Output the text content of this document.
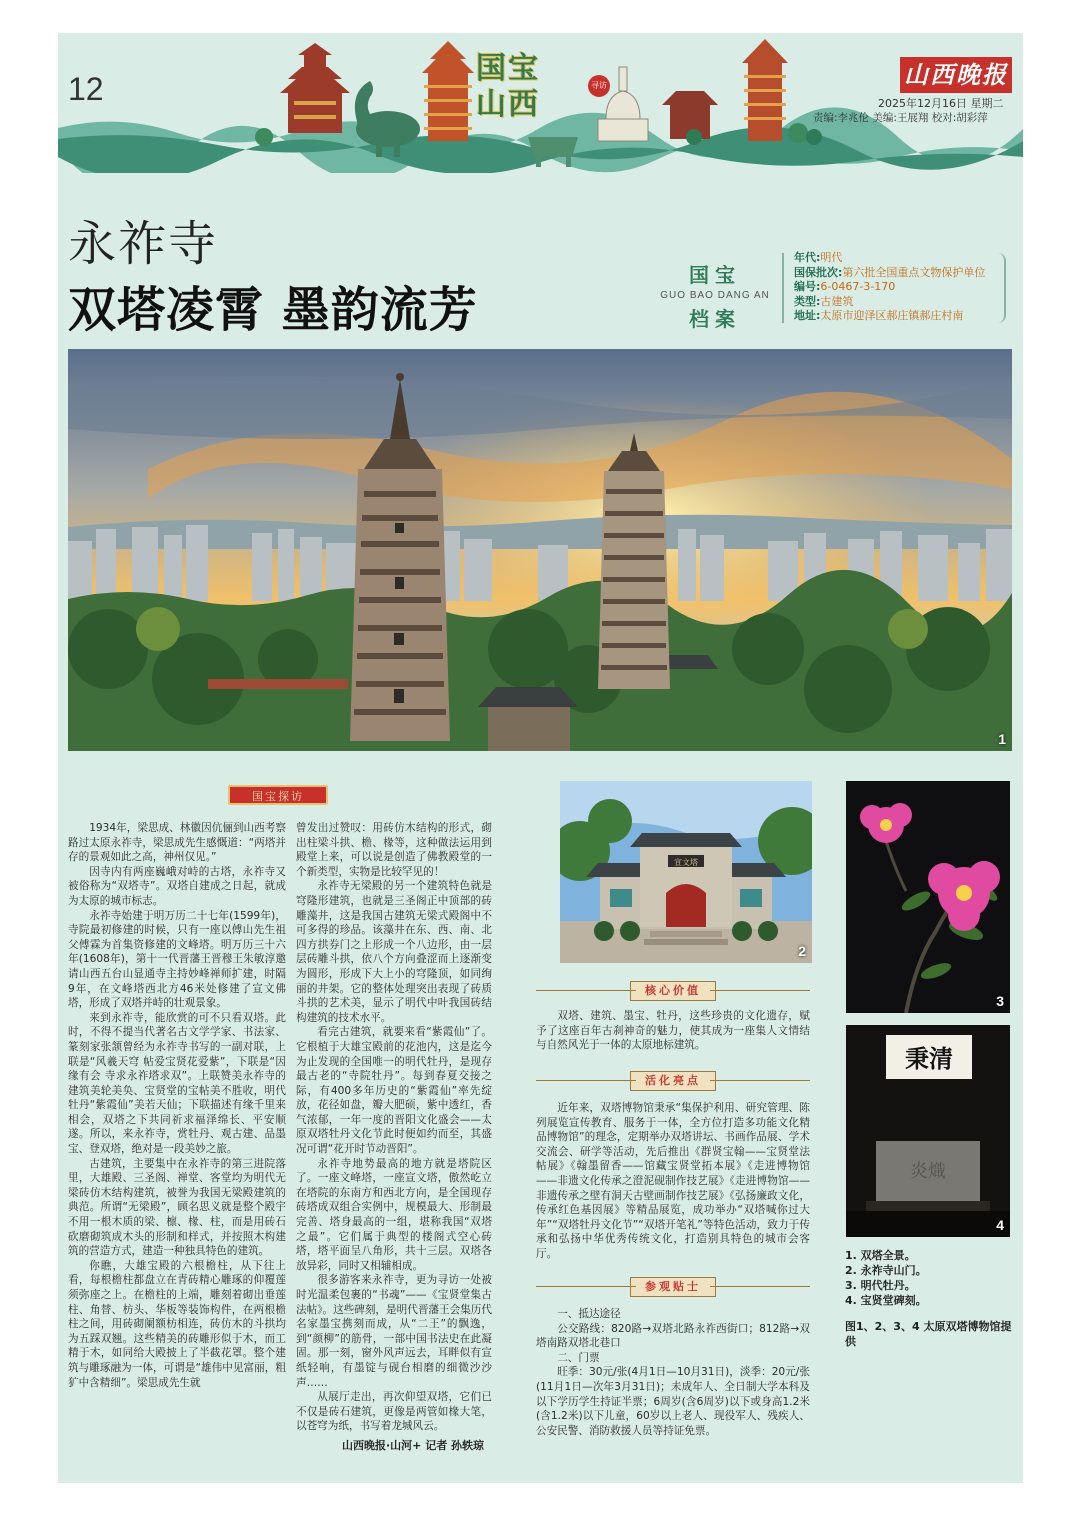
12
国宝山西
寻访	山西晚报
2025年12月16日 星期二
责编:李兆伦 美编:王展翔 校对:胡彩萍
永祚寺
双塔凌霄 墨韵流芳
国宝
GUO BAO DANG AN
档案
年代:明代
国保批次:第六批全国重点文物保护单位
编号:6-0467-3-170
类型:古建筑
地址:太原市迎泽区郝庄镇郝庄村南
1
国宝探访

1934年，梁思成、林徽因伉俪到山西考察路过太原永祚寺，梁思成先生感慨道：“两塔并存的景观如此之高，神州仅见。”

因寺内有两座巍峨对峙的古塔，永祚寺又被俗称为“双塔寺”。双塔自建成之日起，就成为太原的城市标志。

永祚寺始建于明万历二十七年(1599年)，寺院最初修建的时候，只有一座以傅山先生祖父傅霖为首集资修建的文峰塔。明万历三十六年(1608年)，第十一代晋藩王晋穆王朱敏淳邀请山西五台山显通寺主持妙峰禅师扩建，时隔9年，在文峰塔西北方46米处修建了宣文佛塔，形成了双塔并峙的壮观景象。

来到永祚寺，能欣赏的可不只看双塔。此时，不得不提当代著名古文学学家、书法家、篆刻家张颔曾经为永祚寺书写的一副对联，上联是“风羲天穹 帖爱宝贤花爱紫”，下联是“因缘有会 寺求永祚塔求双”。上联赞美永祚寺的建筑美轮美奂、宝贤堂的宝帖美不胜收，明代牡丹“紫霞仙”美若天仙；下联描述有缘千里来相会，双塔之下共同祈求福泽绵长、平安顺遂。所以，来永祚寺，赏牡丹、观古建、品墨宝、登双塔，绝对是一段美妙之旅。

古建筑，主要集中在永祚寺的第三进院落里，大雄殿、三圣阁、禅堂、客堂均为明代无梁砖仿木结构建筑，被誉为我国无梁殿建筑的典范。所谓“无梁殿”，顾名思义就是整个殿宇不用一根木质的梁、檩、椽、柱，而是用砖石砍磨砌筑成木头的形制和样式，并按照木构建筑的营造方式，建造一种独具特色的建筑。

你瞧，大雄宝殿的六根檐柱，从下往上看，每根檐柱都盘立在青砖精心雕琢的仰覆莲须弥座之上。在檐柱的上端，雕刻着砌出垂莲柱、角替、枋头、华板等装饰构件，在两根檐柱之间，用砖砌阑额枋相连，砖仿木的斗拱均为五踩双翘。这些精美的砖雕形似于木，而工精于木，如同给大殿披上了半截花罩。整个建筑与雕琢融为一体，可谓是“雄伟中见富丽，粗犷中含精细”。梁思成先生就

曾发出过赞叹：用砖仿木结构的形式，砌出柱梁斗拱、檐、椽等，这种做法运用到殿堂上来，可以说是创造了佛教殿堂的一个新类型，实物是比较罕见的！

永祚寺无梁殿的另一个建筑特色就是穹隆形建筑，也就是三圣阁正中顶部的砖雕藻井，这是我国古建筑无梁式殿阁中不可多得的珍品。该藻井在东、西、南、北四方拱券门之上形成一个八边形，由一层层砖雕斗拱，依八个方向叠涩而上逐渐变为圆形，形成下大上小的穹隆顶，如同绚丽的井架。它的整体处理突出表现了砖质斗拱的艺术美，显示了明代中叶我国砖结构建筑的技术水平。

看完古建筑，就要来看“紫霞仙”了。它根植于大雄宝殿前的花池内，这是迄今为止发现的全国唯一的明代牡丹，是现存最古老的“寺院牡丹”。每到春夏交接之际，有400多年历史的“紫霞仙”率先绽放，花径如盘，瓣大肥硕，紫中透红，香气浓郁，一年一度的晋阳文化盛会——太原双塔牡丹文化节此时便如约而至，其盛况可谓“花开时节动晋阳”。

永祚寺地势最高的地方就是塔院区了。一座文峰塔，一座宣文塔，傲然屹立在塔院的东南方和西北方向，是全国现存砖塔成双组合实例中，规模最大、形制最完善、塔身最高的一组，堪称我国“双塔之最”。它们属于典型的楼阁式空心砖塔，塔平面呈八角形，共十三层。双塔各放异彩，同时又相辅相成。

很多游客来永祚寺，更为寻访一处被时光温柔包裹的“书魂”——《宝贤堂集古法帖》。这些碑刻，是明代晋藩王会集历代名家墨宝携刻而成，从“二王”的飘逸，到“颜柳”的筋骨，一部中国书法史在此凝固。那一刻，窗外风声远去，耳畔似有宣纸轻响，有墨锭与砚台相磨的细微沙沙声……

从展厅走出，再次仰望双塔，它们已不仅是砖石建筑，更像是两管如椽大笔，以苍穹为纸，书写着龙城风云。

山西晚报·山河+ 记者 孙轶琼
宣文塔
2
3
秉清
炎熾
4
核心价值

双塔、建筑、墨宝、牡丹，这些珍贵的文化遗存，赋予了这座百年古刹神奇的魅力，使其成为一座集人文情结与自然风光于一体的太原地标建筑。

活化亮点

近年来，双塔博物馆秉承“集保护利用、研究管理、陈列展览宣传教育、服务于一体，全方位打造多功能文化精品博物馆”的理念，定期举办双塔讲坛、书画作品展、学术交流会、研学等活动，先后推出《群贤宝翰——宝贤堂法帖展》《翰墨留香——馆藏宝贤堂拓本展》《走进博物馆——非遗文化传承之澄泥砚制作技艺展》《走进博物馆——非遗传承之壁有洞天古壁画制作技艺展》《弘扬廉政文化，传承红色基因展》等精品展览，成功举办“双塔喊你过大年”“双塔牡丹文化节”“双塔开笔礼”等特色活动，致力于传承和弘扬中华优秀传统文化，打造别具特色的城市会客厅。

参观贴士

一、抵达途径

公交路线：820路→双塔北路永祚西街口；812路→双塔南路双塔北巷口

二、门票

旺季：30元/张(4月1日—10月31日)，淡季：20元/张(11月1日—次年3月31日)；未成年人、全日制大学本科及以下学历学生持证半票；6周岁(含6周岁)以下或身高1.2米(含1.2米)以下儿童，60岁以上老人、现役军人、残疾人、公安民警、消防救援人员等持证免票。

1. 双塔全景。
2. 永祚寺山门。
3. 明代牡丹。
4. 宝贤堂碑刻。
图1、2、3、4 太原双塔博物馆提供
